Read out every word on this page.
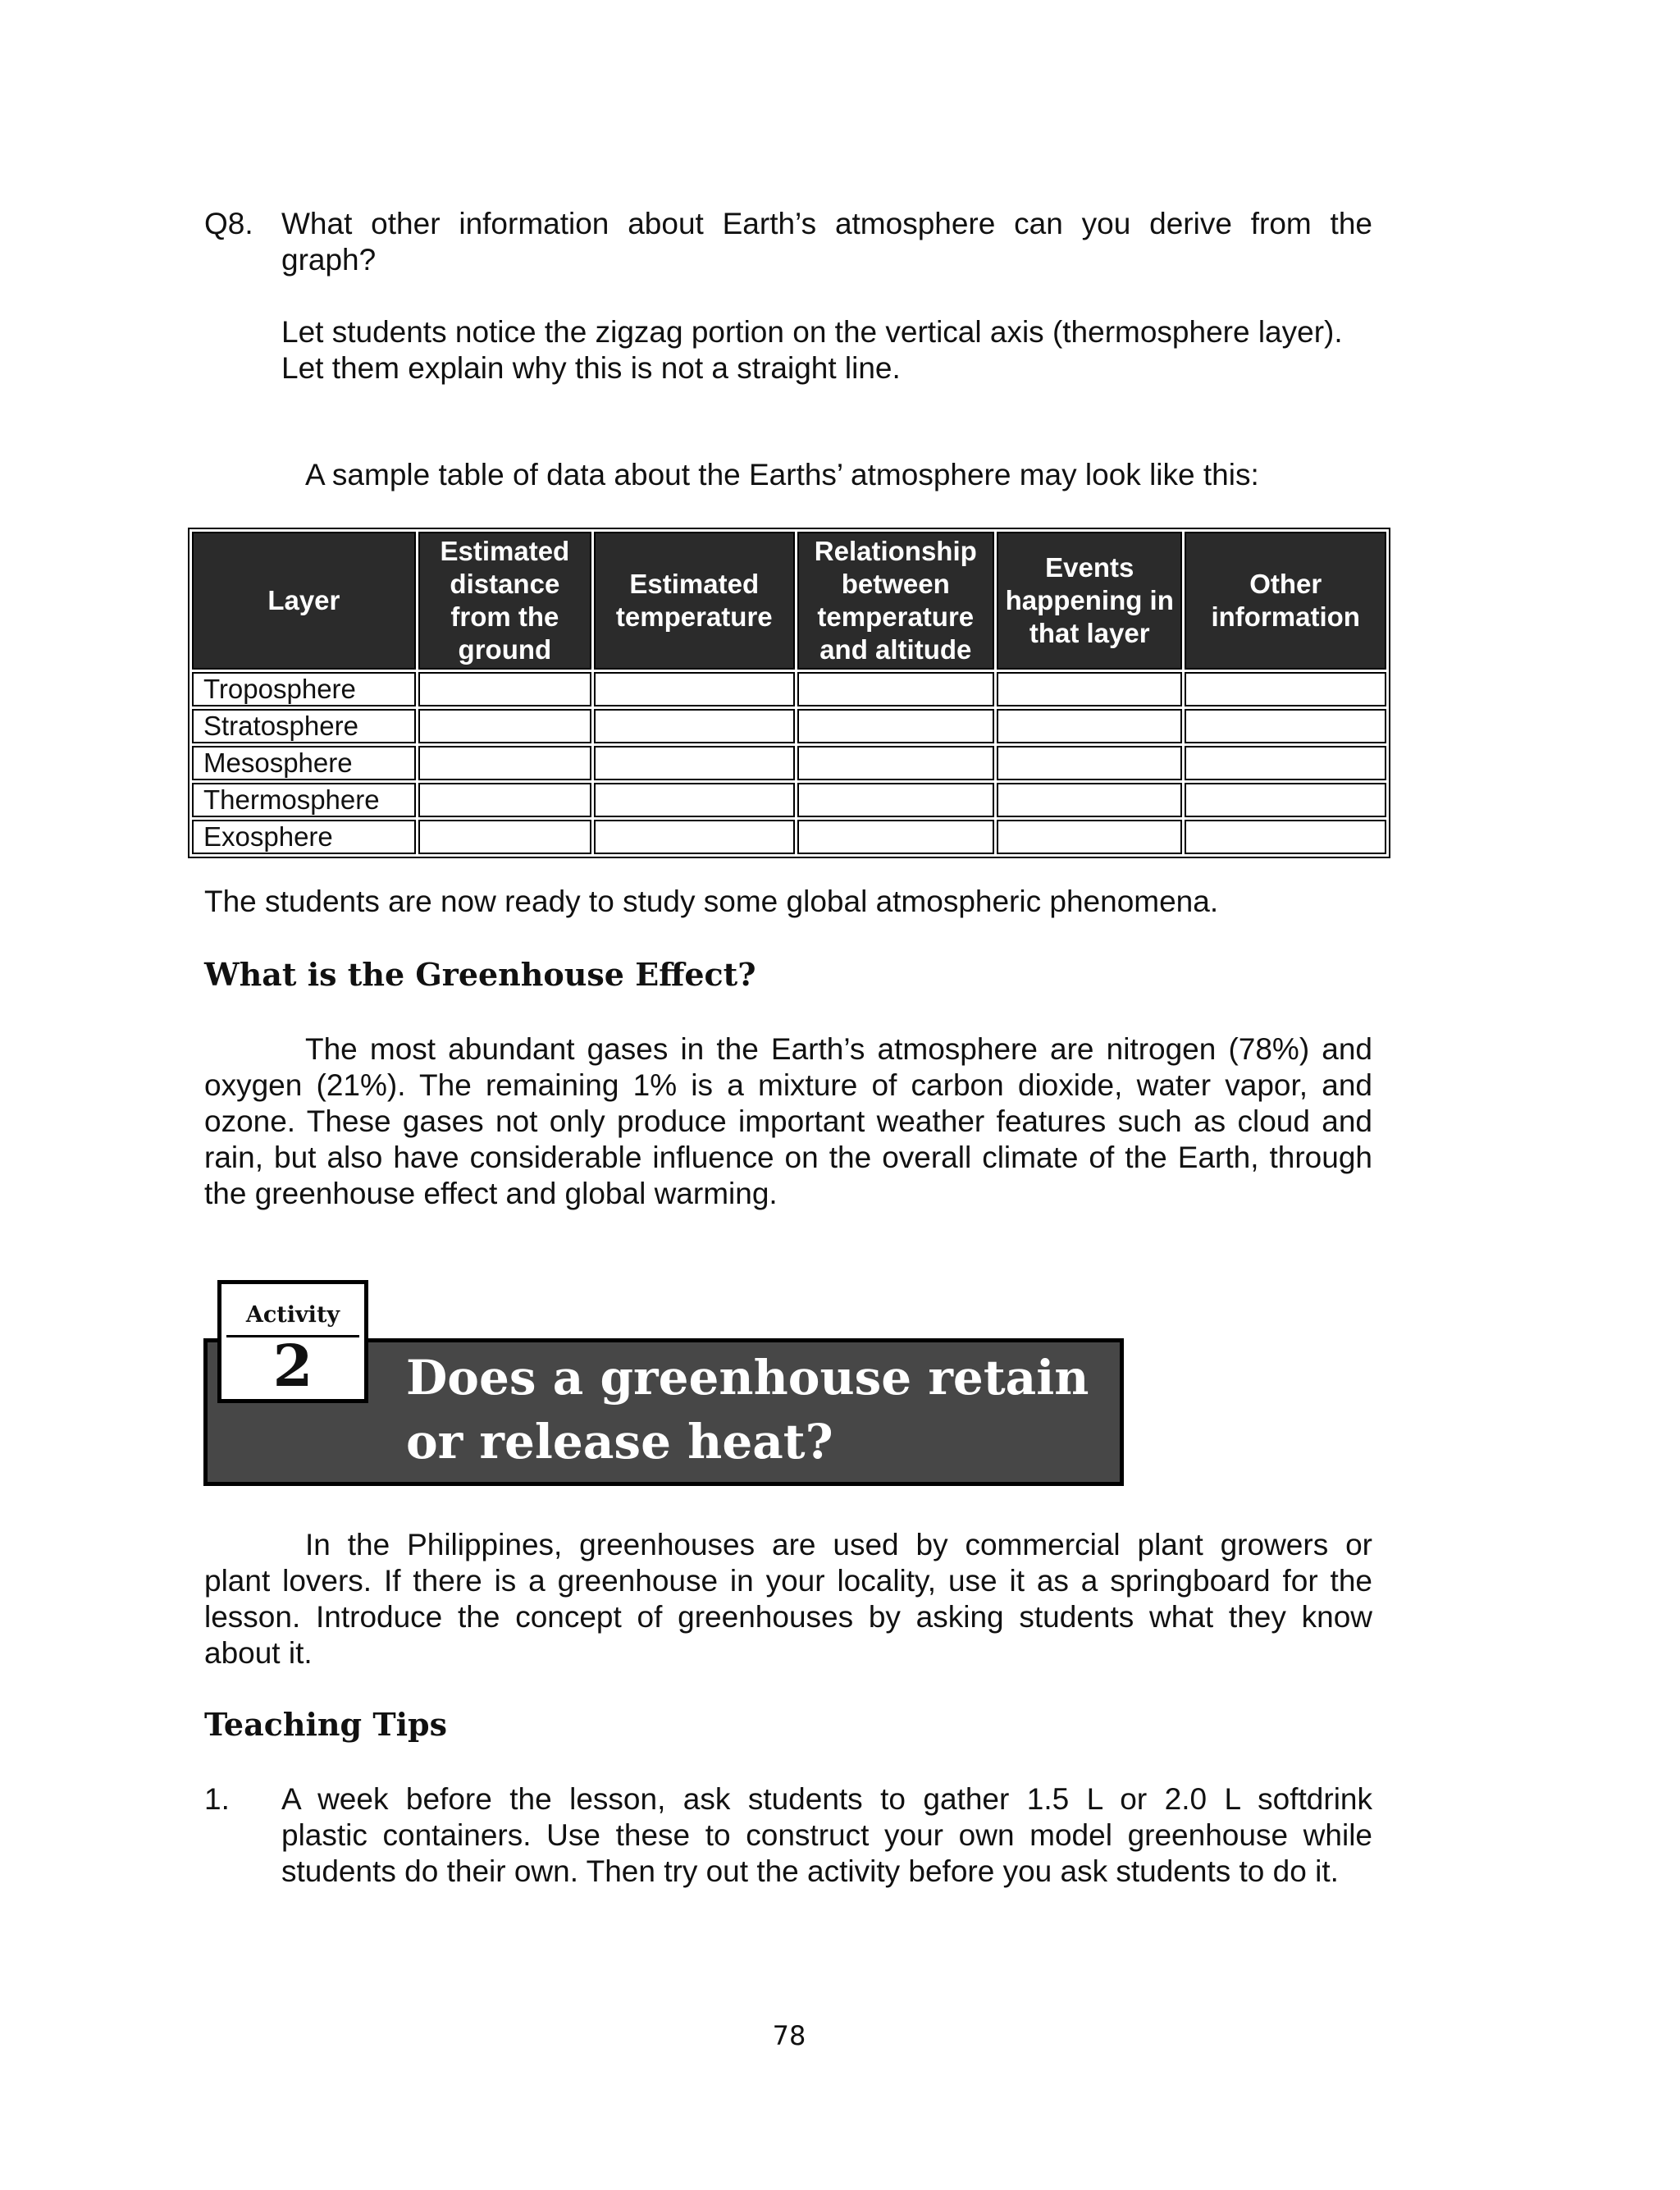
Q8. What other information about Earth’s atmosphere can you derive from the
graph?
Let students notice the zigzag portion on the vertical axis (thermosphere layer).
Let them explain why this is not a straight line.
A sample table of data about the Earths’ atmosphere may look like this:
Layer	Estimated distance from the ground	Estimated temperature	Relationship between temperature and altitude	Events happening in that layer	Other information
Troposphere					
Stratosphere					
Mesosphere					
Thermosphere					
Exosphere					
The students are now ready to study some global atmospheric phenomena.
What is the Greenhouse Effect?
The most abundant gases in the Earth’s atmosphere are nitrogen (78%) and
oxygen (21%). The remaining 1% is a mixture of carbon dioxide, water vapor, and
ozone. These gases not only produce important weather features such as cloud and
rain, but also have considerable influence on the overall climate of the Earth, through
the greenhouse effect and global warming.
Activity
2	Does a greenhouse retain
or release heat?
In the Philippines, greenhouses are used by commercial plant growers or
plant lovers. If there is a greenhouse in your locality, use it as a springboard for the
lesson. Introduce the concept of greenhouses by asking students what they know
about it.
Teaching Tips
1. A week before the lesson, ask students to gather 1.5 L or 2.0 L softdrink
plastic containers. Use these to construct your own model greenhouse while
students do their own. Then try out the activity before you ask students to do it.
78
